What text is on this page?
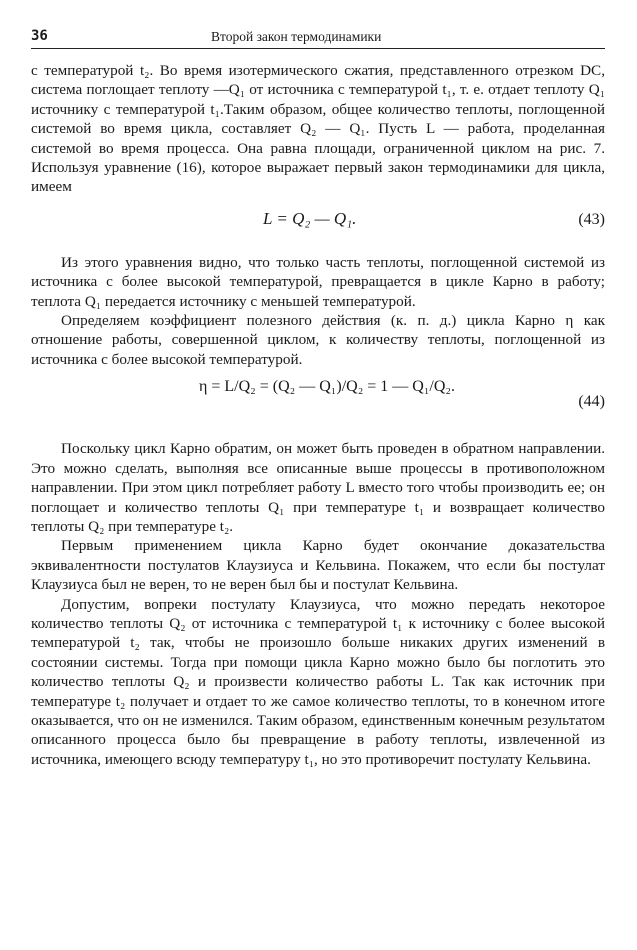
36	Второй закон термодинамики

с температурой t₂. Во время изотермического сжатия, представленного отрезком DC, система поглощает теплоту —Q₁ от источника с температурой t₁, т. е. отдает теплоту Q₁ источнику с температурой t₁.Таким образом, общее количество теплоты, поглощенной системой во время цикла, составляет Q₂ — Q₁. Пусть L — работа, проделанная системой во время процесса. Она равна площади, ограниченной циклом на рис. 7. Используя уравнение (16), которое выражает первый закон термодинамики для цикла, имеем

L = Q₂ — Q₁.	(43)

Из этого уравнения видно, что только часть теплоты, поглощенной системой из источника с более высокой температурой, превращается в цикле Карно в работу; теплота Q₁ передается источнику с меньшей температурой.

Определяем коэффициент полезного действия (к. п. д.) цикла Карно η как отношение работы, совершенной циклом, к количеству теплоты, поглощенной из источника с более высокой температурой.

η = L/Q₂ = (Q₂ — Q₁)/Q₂ = 1 — Q₁/Q₂.
(44)

Поскольку цикл Карно обратим, он может быть проведен в обратном направлении. Это можно сделать, выполняя все описанные выше процессы в противоположном направлении. При этом цикл потребляет работу L вместо того чтобы производить ее; он поглощает и количество теплоты Q₁ при температуре t₁ и возвращает количество теплоты Q₂ при температуре t₂.

Первым применением цикла Карно будет окончание доказательства эквивалентности постулатов Клаузиуса и Кельвина. Покажем, что если бы постулат Клаузиуса был не верен, то не верен был бы и постулат Кельвина.

Допустим, вопреки постулату Клаузиуса, что можно передать некоторое количество теплоты Q₂ от источника с температурой t₁ к источнику с более высокой температурой t₂ так, чтобы не произошло больше никаких других изменений в состоянии системы. Тогда при помощи цикла Карно можно было бы поглотить это количество теплоты Q₂ и произвести количество работы L. Так как источник при температуре t₂ получает и отдает то же самое количество теплоты, то в конечном итоге оказывается, что он не изменился. Таким образом, единственным конечным результатом описанного процесса было бы превращение в работу теплоты, извлеченной из источника, имеющего всюду температуру t₁, но это противоречит постулату Кельвина.
